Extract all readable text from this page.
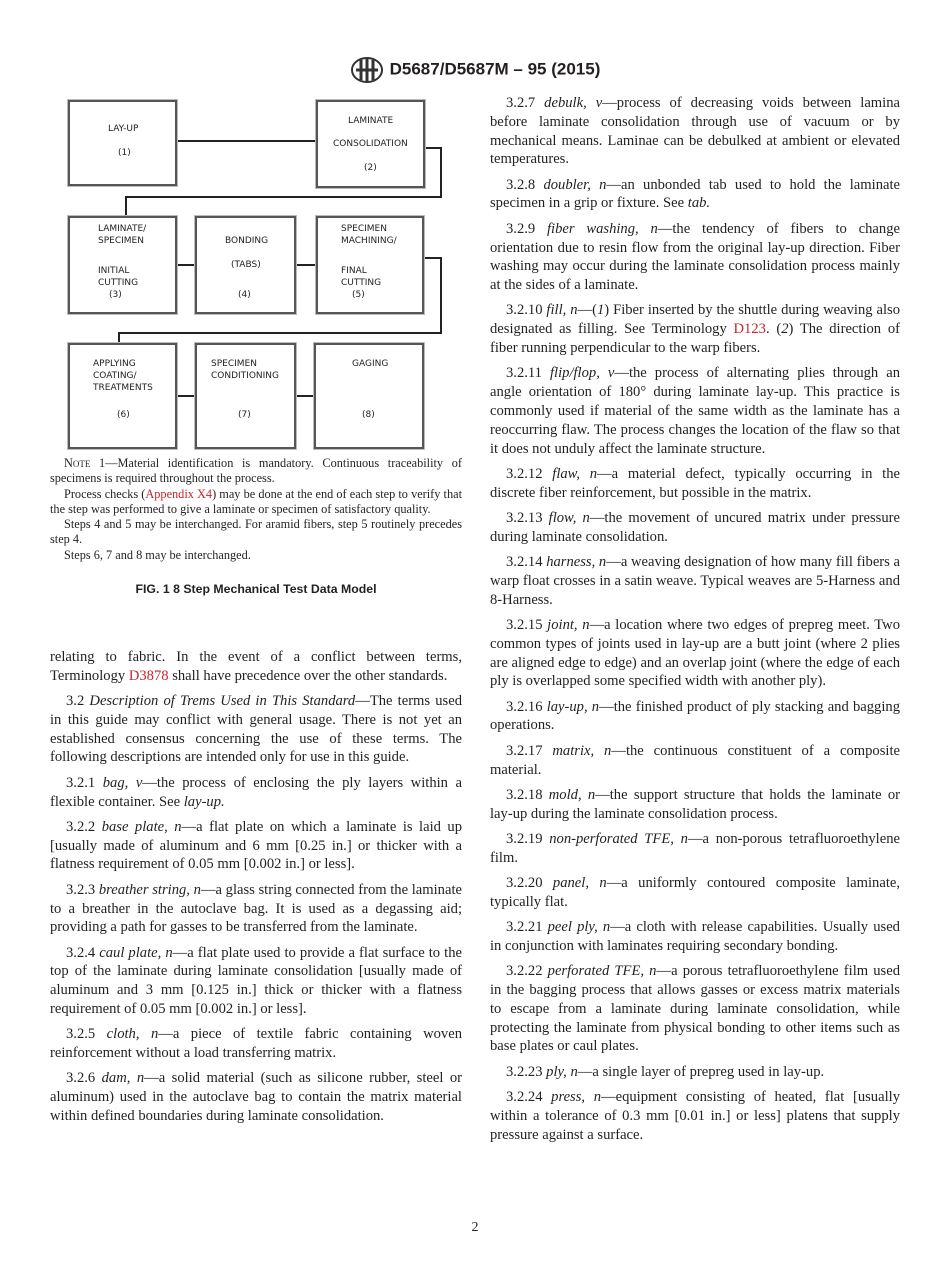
D5687/D5687M – 95 (2015)
LAY-UP
(1)
LAMINATE
CONSOLIDATION
(2)
LAMINATE/
SPECIMEN
INITIAL
CUTTING
(3)
BONDING
(TABS)
(4)
SPECIMEN
MACHINING/
FINAL
CUTTING
(5)
APPLYING
COATING/
TREATMENTS
(6)
SPECIMEN
CONDITIONING
(7)
GAGING
(8)

Note 1—Material identification is mandatory. Continuous traceability of specimens is required throughout the process.

Process checks (Appendix X4) may be done at the end of each step to verify that the step was performed to give a laminate or specimen of satisfactory quality.

Steps 4 and 5 may be interchanged. For aramid fibers, step 5 routinely precedes step 4.

Steps 6, 7 and 8 may be interchanged.

FIG. 1 8 Step Mechanical Test Data Model

relating to fabric. In the event of a conflict between terms, Terminology D3878 shall have precedence over the other standards.

3.2 Description of Trems Used in This Standard—The terms used in this guide may conflict with general usage. There is not yet an established consensus concerning the use of these terms. The following descriptions are intended only for use in this guide.

3.2.1 bag, v—the process of enclosing the ply layers within a flexible container. See lay-up.

3.2.2 base plate, n—a flat plate on which a laminate is laid up [usually made of aluminum and 6 mm [0.25 in.] or thicker with a flatness requirement of 0.05 mm [0.002 in.] or less].

3.2.3 breather string, n—a glass string connected from the laminate to a breather in the autoclave bag. It is used as a degassing aid; providing a path for gasses to be transferred from the laminate.

3.2.4 caul plate, n—a flat plate used to provide a flat surface to the top of the laminate during laminate consolidation [usually made of aluminum and 3 mm [0.125 in.] thick or thicker with a flatness requirement of 0.05 mm [0.002 in.] or less].

3.2.5 cloth, n—a piece of textile fabric containing woven reinforcement without a load transferring matrix.

3.2.6 dam, n—a solid material (such as silicone rubber, steel or aluminum) used in the autoclave bag to contain the matrix material within defined boundaries during laminate consolidation.

3.2.7 debulk, v—process of decreasing voids between lamina before laminate consolidation through use of vacuum or by mechanical means. Laminae can be debulked at ambient or elevated temperatures.

3.2.8 doubler, n—an unbonded tab used to hold the laminate specimen in a grip or fixture. See tab.

3.2.9 fiber washing, n—the tendency of fibers to change orientation due to resin flow from the original lay-up direction. Fiber washing may occur during the laminate consolidation process mainly at the sides of a laminate.

3.2.10 fill, n—(1) Fiber inserted by the shuttle during weaving also designated as filling. See Terminology D123. (2) The direction of fiber running perpendicular to the warp fibers.

3.2.11 flip/flop, v—the process of alternating plies through an angle orientation of 180° during laminate lay-up. This practice is commonly used if material of the same width as the laminate has a reoccurring flaw. The process changes the location of the flaw so that it does not unduly affect the laminate structure.

3.2.12 flaw, n—a material defect, typically occurring in the discrete fiber reinforcement, but possible in the matrix.

3.2.13 flow, n—the movement of uncured matrix under pressure during laminate consolidation.

3.2.14 harness, n—a weaving designation of how many fill fibers a warp float crosses in a satin weave. Typical weaves are 5-Harness and 8-Harness.

3.2.15 joint, n—a location where two edges of prepreg meet. Two common types of joints used in lay-up are a butt joint (where 2 plies are aligned edge to edge) and an overlap joint (where the edge of each ply is overlapped some specified width with another ply).

3.2.16 lay-up, n—the finished product of ply stacking and bagging operations.

3.2.17 matrix, n—the continuous constituent of a composite material.

3.2.18 mold, n—the support structure that holds the laminate or lay-up during the laminate consolidation process.

3.2.19 non-perforated TFE, n—a non-porous tetrafluoroethylene film.

3.2.20 panel, n—a uniformly contoured composite laminate, typically flat.

3.2.21 peel ply, n—a cloth with release capabilities. Usually used in conjunction with laminates requiring secondary bonding.

3.2.22 perforated TFE, n—a porous tetrafluoroethylene film used in the bagging process that allows gasses or excess matrix materials to escape from a laminate during laminate consolidation, while protecting the laminate from physical bonding to other items such as base plates or caul plates.

3.2.23 ply, n—a single layer of prepreg used in lay-up.

3.2.24 press, n—equipment consisting of heated, flat [usually within a tolerance of 0.3 mm [0.01 in.] or less] platens that supply pressure against a surface.

2
